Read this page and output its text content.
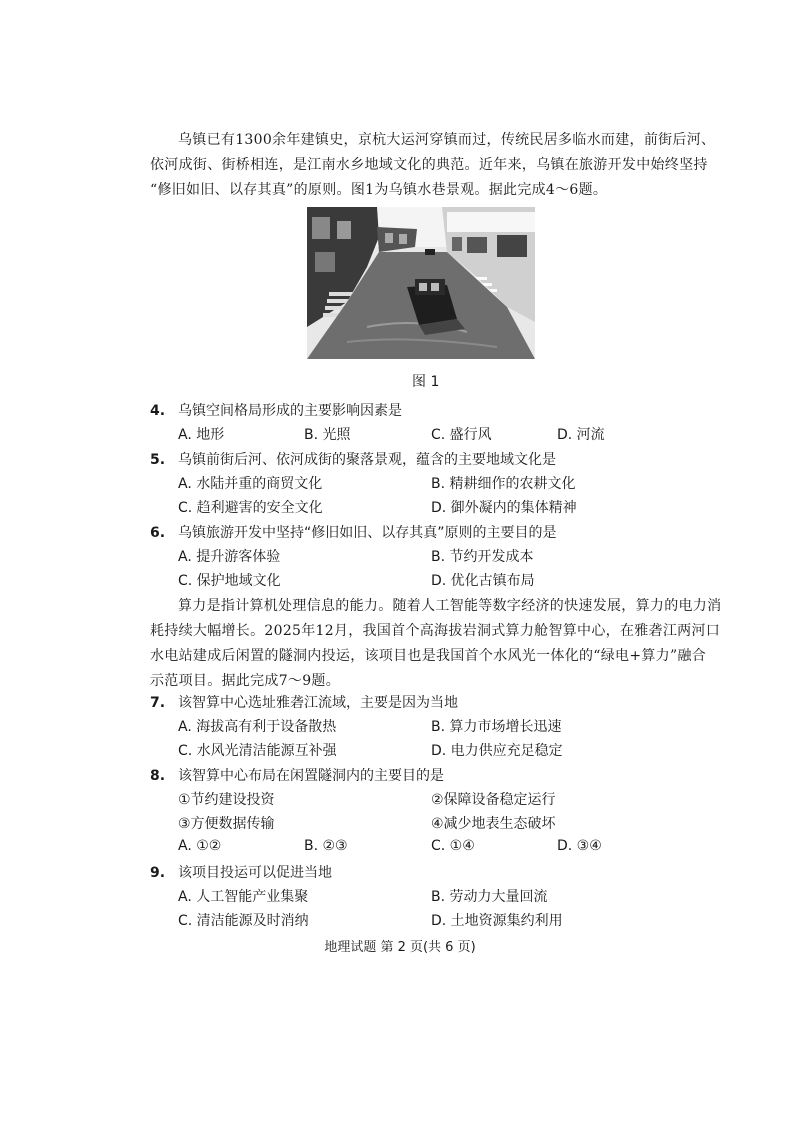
乌镇已有1300余年建镇史，京杭大运河穿镇而过，传统民居多临水而建，前街后河、
依河成街、街桥相连，是江南水乡地域文化的典范。近年来，乌镇在旅游开发中始终坚持
“修旧如旧、以存其真”的原则。图1为乌镇水巷景观。据此完成4～6题。
图 1
4. 乌镇空间格局形成的主要影响因素是
A. 地形	B. 光照	C. 盛行风	D. 河流
5. 乌镇前街后河、依河成街的聚落景观，蕴含的主要地域文化是
A. 水陆并重的商贸文化	B. 精耕细作的农耕文化
C. 趋利避害的安全文化	D. 御外凝内的集体精神
6. 乌镇旅游开发中坚持“修旧如旧、以存其真”原则的主要目的是
A. 提升游客体验	B. 节约开发成本
C. 保护地域文化	D. 优化古镇布局
算力是指计算机处理信息的能力。随着人工智能等数字经济的快速发展，算力的电力消
耗持续大幅增长。2025年12月，我国首个高海拔岩洞式算力舱智算中心，在雅砻江两河口
水电站建成后闲置的隧洞内投运，该项目也是我国首个水风光一体化的“绿电+算力”融合
示范项目。据此完成7～9题。
7. 该智算中心选址雅砻江流域，主要是因为当地
A. 海拔高有利于设备散热	B. 算力市场增长迅速
C. 水风光清洁能源互补强	D. 电力供应充足稳定
8. 该智算中心布局在闲置隧洞内的主要目的是
①节约建设投资	②保障设备稳定运行
③方便数据传输	④减少地表生态破坏
A. ①②	B. ②③	C. ①④	D. ③④
9. 该项目投运可以促进当地
A. 人工智能产业集聚	B. 劳动力大量回流
C. 清洁能源及时消纳	D. 土地资源集约利用
地理试题 第 2 页(共 6 页)
